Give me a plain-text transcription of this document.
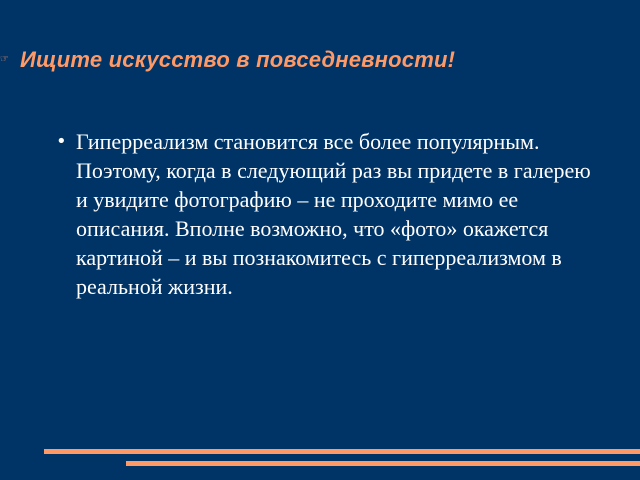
☞ Ищите искусство в повседневности!
• Гиперреализм становится все более популярным. Поэтому, когда в следующий раз вы придете в галерею и увидите фотографию – не проходите мимо ее описания. Вполне возможно, что «фото» окажется картиной – и вы познакомитесь с гиперреализмом в реальной жизни.
